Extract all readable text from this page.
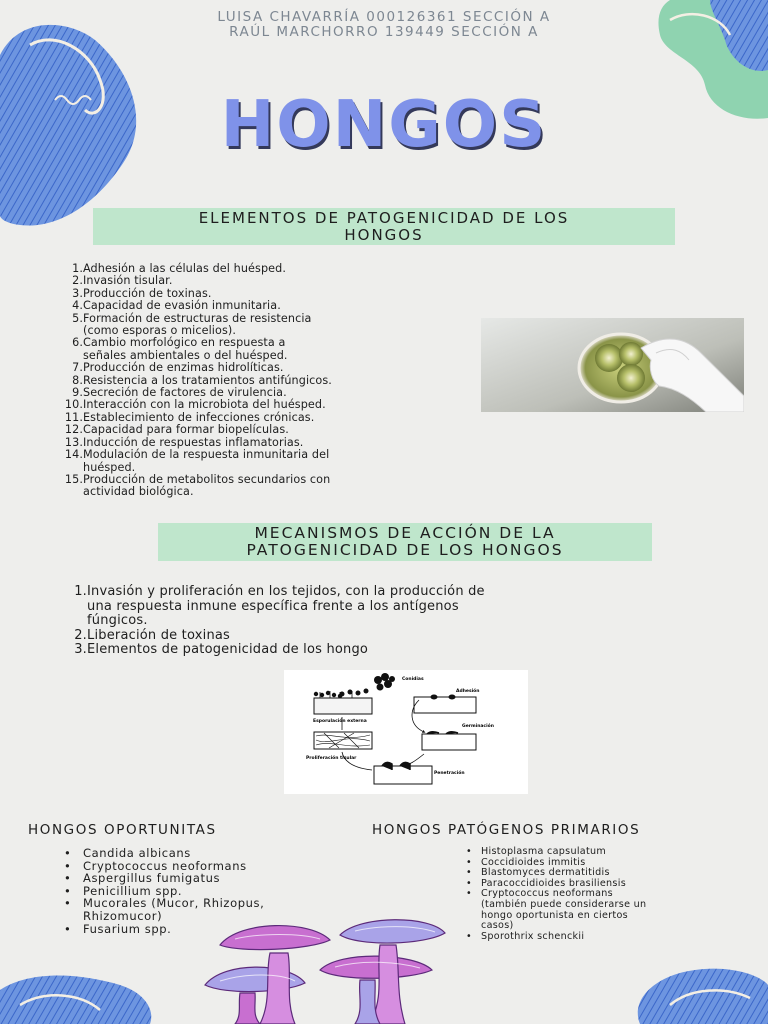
LUISA CHAVARRÍA 000126361 SECCIÓN A
RAÚL MARCHORRO 139449 SECCIÓN A
HONGOS
ELEMENTOS DE PATOGENICIDAD DE LOS
HONGOS
1. Adhesión a las células del huésped.
2. Invasión tisular.
3. Producción de toxinas.
4. Capacidad de evasión inmunitaria.
5. Formación de estructuras de resistencia
(como esporas o micelios).
6. Cambio morfológico en respuesta a
señales ambientales o del huésped.
7. Producción de enzimas hidrolíticas.
8. Resistencia a los tratamientos antifúngicos.
9. Secreción de factores de virulencia.
10. Interacción con la microbiota del huésped.
11. Establecimiento de infecciones crónicas.
12. Capacidad para formar biopelículas.
13. Inducción de respuestas inflamatorias.
14. Modulación de la respuesta inmunitaria del
huésped.
15. Producción de metabolitos secundarios con
actividad biológica.
MECANISMOS DE ACCIÓN DE LA
PATOGENICIDAD DE LOS HONGOS
1. Invasión y proliferación en los tejidos, con la producción de
una respuesta inmune específica frente a los antígenos
fúngicos.
2. Liberación de toxinas
3. Elementos de patogenicidad de los hongo
Esporulación externa
Conidias
Adhesión
Germinación
Proliferación tisular
Penetración
HONGOS OPORTUNITAS	HONGOS PATÓGENOS PRIMARIOS
•	Candida albicans
•	Cryptococcus neoformans
•	Aspergillus fumigatus
•	Penicillium spp.
•	Mucorales (Mucor, Rhizopus,
Rhizomucor)
•	Fusarium spp.
• Histoplasma capsulatum
• Coccidioides immitis
• Blastomyces dermatitidis
• Paracoccidioides brasiliensis
• Cryptococcus neoformans
(también puede considerarse un
hongo oportunista en ciertos
casos)
• Sporothrix schenckii
